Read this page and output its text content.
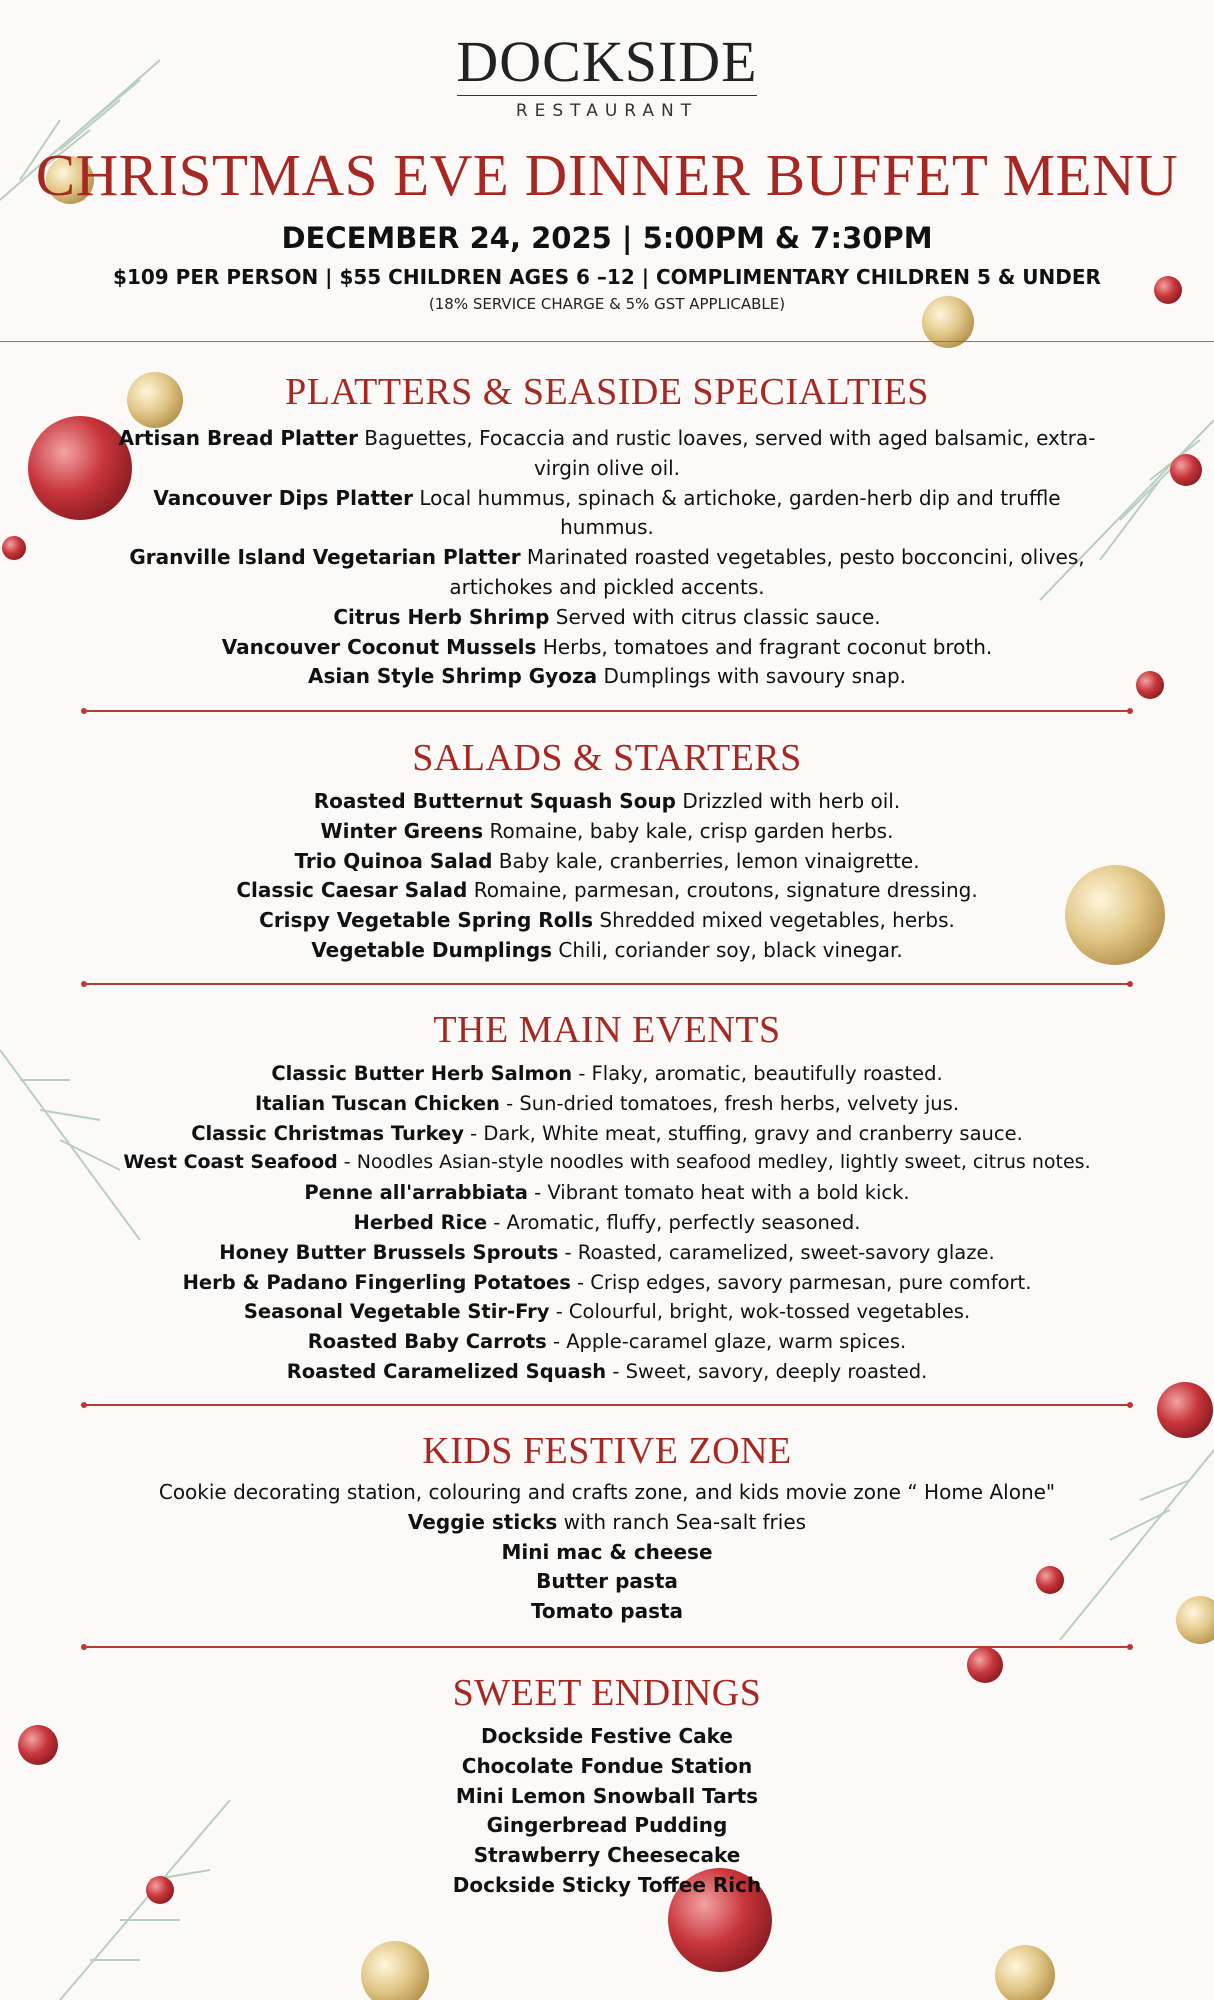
DOCKSIDE
RESTAURANT
CHRISTMAS EVE DINNER BUFFET MENU
DECEMBER 24, 2025 | 5:00PM & 7:30PM
$109 PER PERSON | $55 CHILDREN AGES 6 –12 | COMPLIMENTARY CHILDREN 5 & UNDER
(18% SERVICE CHARGE & 5% GST APPLICABLE)
PLATTERS & SEASIDE SPECIALTIES
Artisan Bread Platter Baguettes, Focaccia and rustic loaves, served with aged balsamic, extra-virgin olive oil.
Vancouver Dips Platter Local hummus, spinach & artichoke, garden-herb dip and truffle hummus.
Granville Island Vegetarian Platter Marinated roasted vegetables, pesto bocconcini, olives, artichokes and pickled accents.
Citrus Herb Shrimp Served with citrus classic sauce.
Vancouver Coconut Mussels Herbs, tomatoes and fragrant coconut broth.
Asian Style Shrimp Gyoza Dumplings with savoury snap.
SALADS & STARTERS
Roasted Butternut Squash Soup Drizzled with herb oil.
Winter Greens Romaine, baby kale, crisp garden herbs.
Trio Quinoa Salad Baby kale, cranberries, lemon vinaigrette.
Classic Caesar Salad Romaine, parmesan, croutons, signature dressing.
Crispy Vegetable Spring Rolls Shredded mixed vegetables, herbs.
Vegetable Dumplings Chili, coriander soy, black vinegar.
THE MAIN EVENTS
Classic Butter Herb Salmon - Flaky, aromatic, beautifully roasted.
Italian Tuscan Chicken - Sun-dried tomatoes, fresh herbs, velvety jus.
Classic Christmas Turkey - Dark, White meat, stuffing, gravy and cranberry sauce.
West Coast Seafood - Noodles Asian-style noodles with seafood medley, lightly sweet, citrus notes.
Penne all'arrabbiata - Vibrant tomato heat with a bold kick.
Herbed Rice - Aromatic, fluffy, perfectly seasoned.
Honey Butter Brussels Sprouts - Roasted, caramelized, sweet-savory glaze.
Herb & Padano Fingerling Potatoes - Crisp edges, savory parmesan, pure comfort.
Seasonal Vegetable Stir-Fry - Colourful, bright, wok-tossed vegetables.
Roasted Baby Carrots - Apple-caramel glaze, warm spices.
Roasted Caramelized Squash - Sweet, savory, deeply roasted.
KIDS FESTIVE ZONE
Cookie decorating station, colouring and crafts zone, and kids movie zone “ Home Alone"
Veggie sticks with ranch Sea-salt fries
Mini mac & cheese
Butter pasta
Tomato pasta
SWEET ENDINGS
Dockside Festive Cake
Chocolate Fondue Station
Mini Lemon Snowball Tarts
Gingerbread Pudding
Strawberry Cheesecake
Dockside Sticky Toffee Rich
